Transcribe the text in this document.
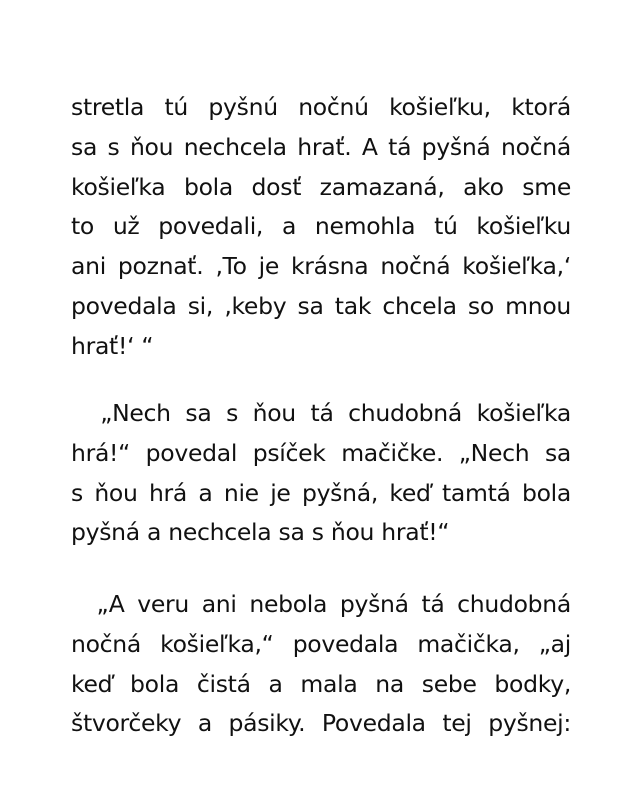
stretla tú pyšnú nočnú košieľku, ktorá
sa s ňou nechcela hrať. A tá pyšná nočná
košieľka bola dosť zamazaná, ako sme
to už povedali, a nemohla tú košieľku
ani poznať. ‚To je krásna nočná košieľka,‘
povedala si, ‚keby sa tak chcela so mnou
hrať!‘ “
„Nech sa s ňou tá chudobná košieľka
hrá!“ povedal psíček mačičke. „Nech sa
s ňou hrá a nie je pyšná, keď tamtá bola
pyšná a nechcela sa s ňou hrať!“
„A veru ani nebola pyšná tá chudobná
nočná košieľka,“ povedala mačička, „aj
keď bola čistá a mala na sebe bodky,
štvorčeky a pásiky. Povedala tej pyšnej:
